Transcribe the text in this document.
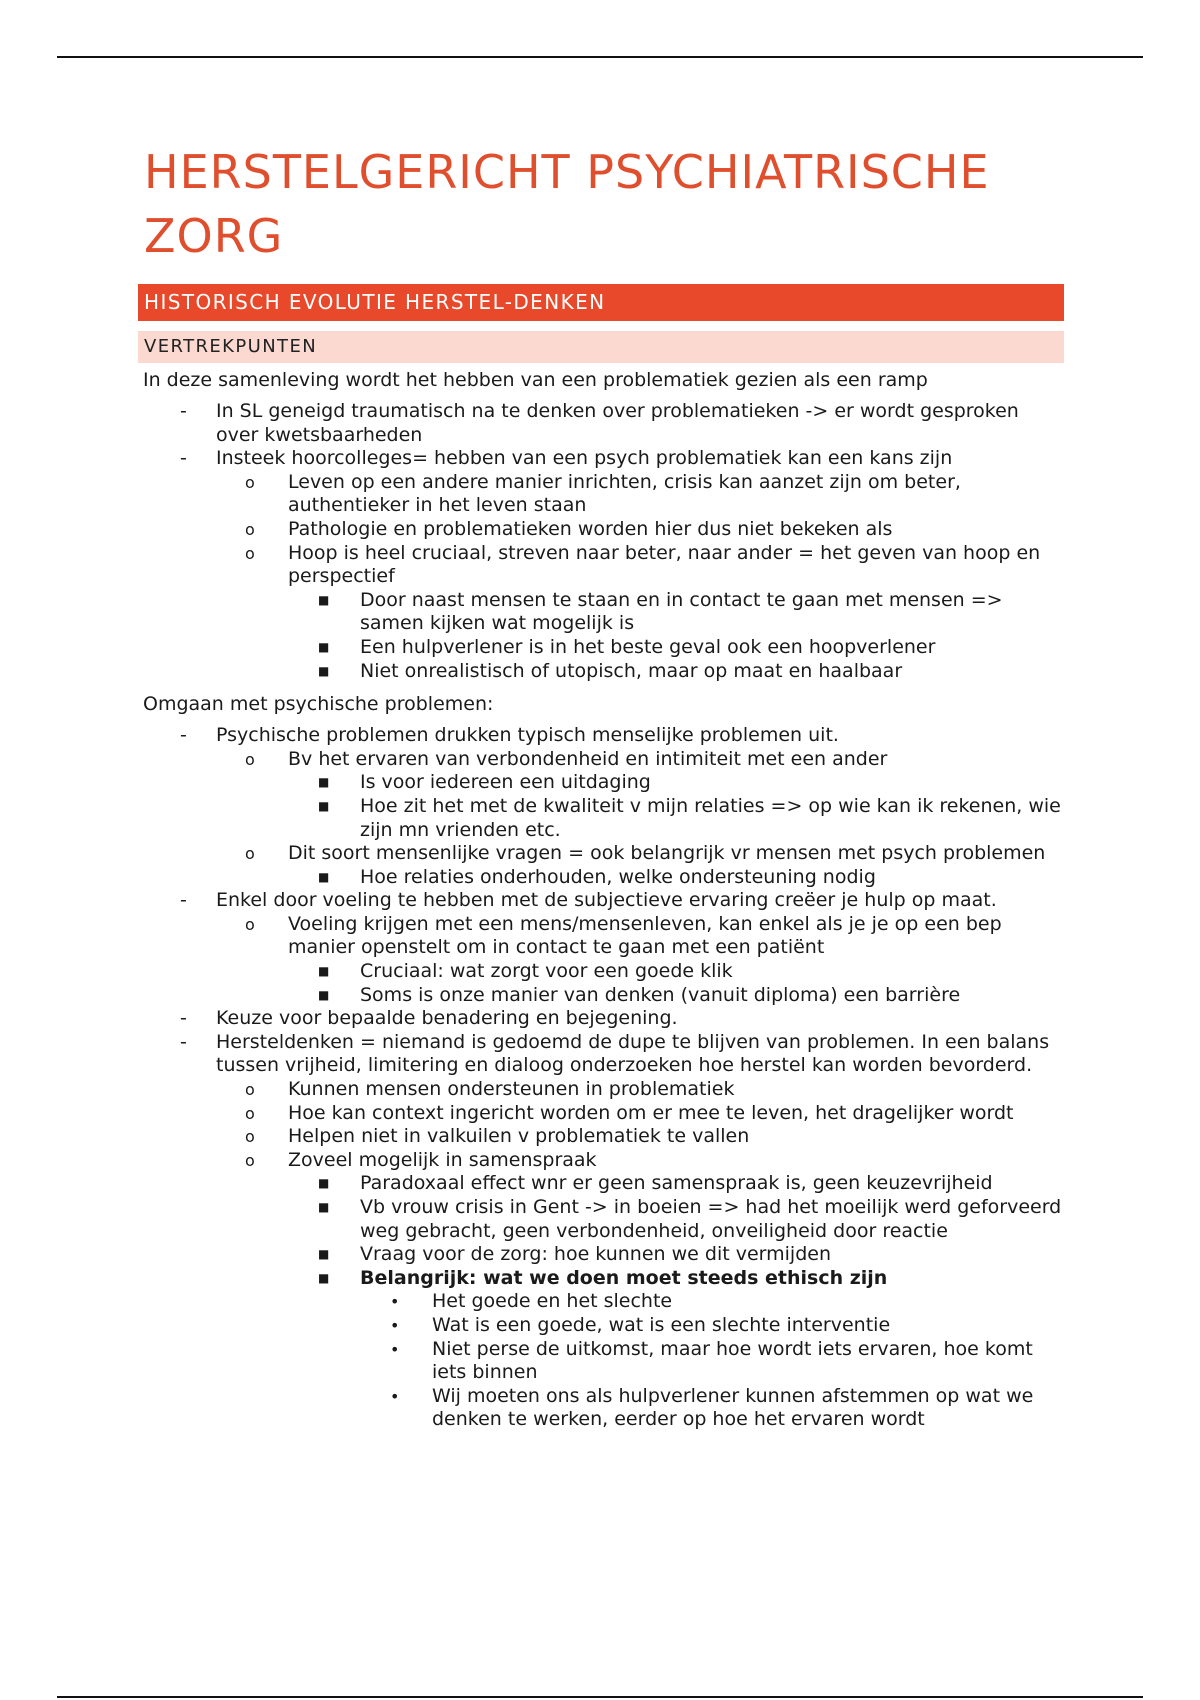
HERSTELGERICHT PSYCHIATRISCHE ZORG
HISTORISCH EVOLUTIE HERSTEL-DENKEN
VERTREKPUNTEN
In deze samenleving wordt het hebben van een problematiek gezien als een ramp
- In SL geneigd traumatisch na te denken over problematieken -> er wordt gesproken over kwetsbaarheden
- Insteek hoorcolleges= hebben van een psych problematiek kan een kans zijn
o Leven op een andere manier inrichten, crisis kan aanzet zijn om beter, authentieker in het leven staan
o Pathologie en problematieken worden hier dus niet bekeken als
o Hoop is heel cruciaal, streven naar beter, naar ander = het geven van hoop en perspectief
■ Door naast mensen te staan en in contact te gaan met mensen => samen kijken wat mogelijk is
■ Een hulpverlener is in het beste geval ook een hoopverlener
■ Niet onrealistisch of utopisch, maar op maat en haalbaar
Omgaan met psychische problemen:
- Psychische problemen drukken typisch menselijke problemen uit.
o Bv het ervaren van verbondenheid en intimiteit met een ander
■ Is voor iedereen een uitdaging
■ Hoe zit het met de kwaliteit v mijn relaties => op wie kan ik rekenen, wie zijn mn vrienden etc.
o Dit soort mensenlijke vragen = ook belangrijk vr mensen met psych problemen
■ Hoe relaties onderhouden, welke ondersteuning nodig
- Enkel door voeling te hebben met de subjectieve ervaring creëer je hulp op maat.
o Voeling krijgen met een mens/mensenleven, kan enkel als je je op een bep manier openstelt om in contact te gaan met een patiënt
■ Cruciaal: wat zorgt voor een goede klik
■ Soms is onze manier van denken (vanuit diploma) een barrière
- Keuze voor bepaalde benadering en bejegening.
- Hersteldenken = niemand is gedoemd de dupe te blijven van problemen. In een balans tussen vrijheid, limitering en dialoog onderzoeken hoe herstel kan worden bevorderd.
o Kunnen mensen ondersteunen in problematiek
o Hoe kan context ingericht worden om er mee te leven, het dragelijker wordt
o Helpen niet in valkuilen v problematiek te vallen
o Zoveel mogelijk in samenspraak
■ Paradoxaal effect wnr er geen samenspraak is, geen keuzevrijheid
■ Vb vrouw crisis in Gent -> in boeien => had het moeilijk werd geforveerd weg gebracht, geen verbondenheid, onveiligheid door reactie
■ Vraag voor de zorg: hoe kunnen we dit vermijden
■ Belangrijk: wat we doen moet steeds ethisch zijn
• Het goede en het slechte
• Wat is een goede, wat is een slechte interventie
• Niet perse de uitkomst, maar hoe wordt iets ervaren, hoe komt iets binnen
• Wij moeten ons als hulpverlener kunnen afstemmen op wat we denken te werken, eerder op hoe het ervaren wordt
